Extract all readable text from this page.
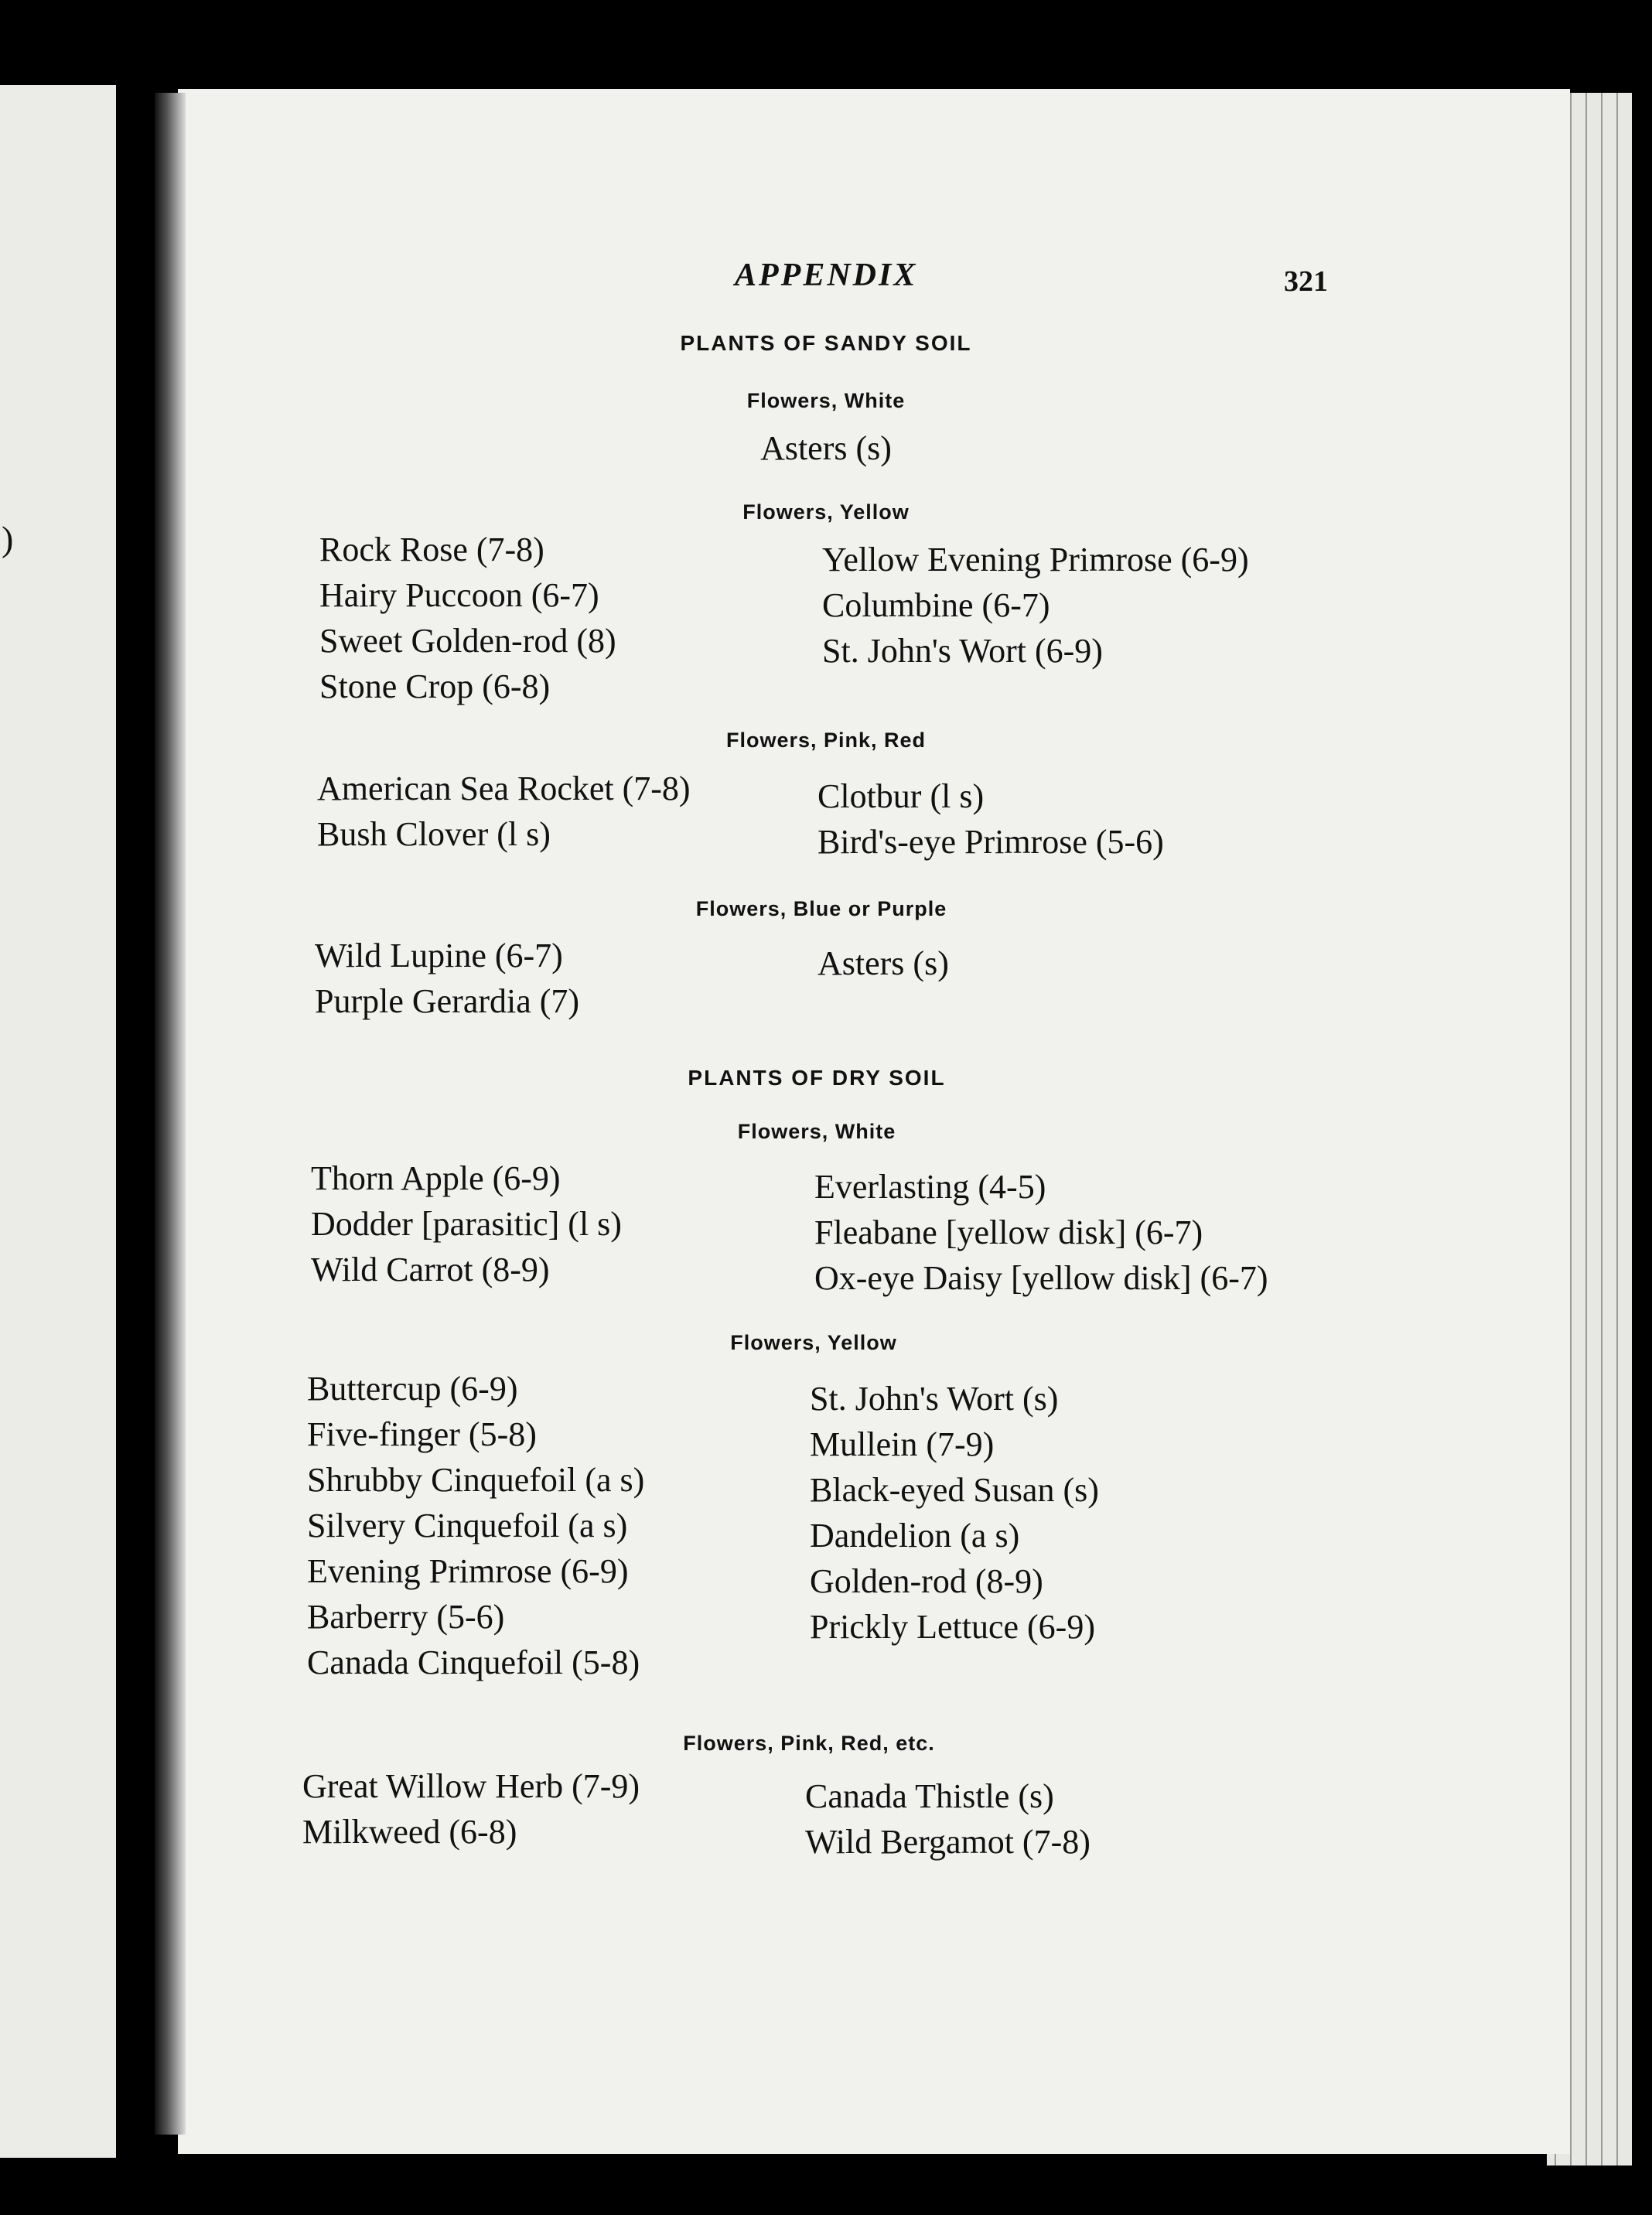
)
APPENDIX	321
PLANTS OF SANDY SOIL
Flowers, White
Asters (s)
Flowers, Yellow
Rock Rose (7-8)
Hairy Puccoon (6-7)
Sweet Golden-rod (8)
Stone Crop (6-8)
Yellow Evening Primrose (6-9)
Columbine (6-7)
St. John's Wort (6-9)
Flowers, Pink, Red
American Sea Rocket (7-8)
Bush Clover (l s)
Clotbur (l s)
Bird's-eye Primrose (5-6)
Flowers, Blue or Purple
Wild Lupine (6-7)
Purple Gerardia (7)
Asters (s)
PLANTS OF DRY SOIL
Flowers, White
Thorn Apple (6-9)
Dodder [parasitic] (l s)
Wild Carrot (8-9)
Everlasting (4-5)
Fleabane [yellow disk] (6-7)
Ox-eye Daisy [yellow disk] (6-7)
Flowers, Yellow
Buttercup (6-9)
Five-finger (5-8)
Shrubby Cinquefoil (a s)
Silvery Cinquefoil (a s)
Evening Primrose (6-9)
Barberry (5-6)
Canada Cinquefoil (5-8)
St. John's Wort (s)
Mullein (7-9)
Black-eyed Susan (s)
Dandelion (a s)
Golden-rod (8-9)
Prickly Lettuce (6-9)
Flowers, Pink, Red, etc.
Great Willow Herb (7-9)
Milkweed (6-8)
Canada Thistle (s)
Wild Bergamot (7-8)
